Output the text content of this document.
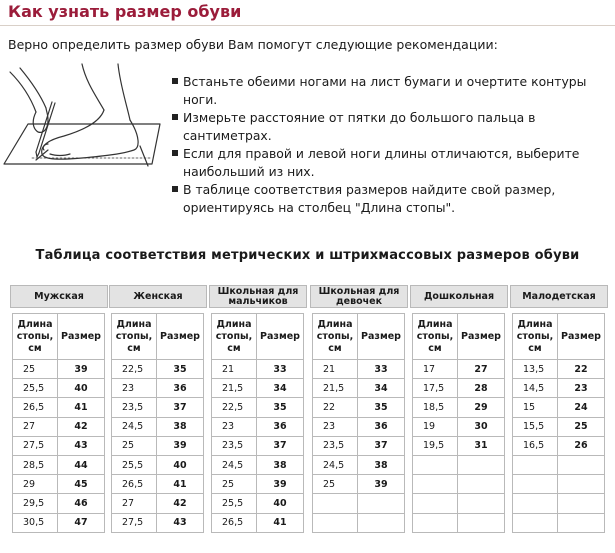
Как узнать размер обуви
Верно определить размер обуви Вам помогут следующие рекомендации:
Встаньте обеими ногами на лист бумаги и очертите контуры ноги.
Измерьте расстояние от пятки до большого пальца в сантиметрах.
Если для правой и левой ноги длины отличаются, выберите наибольший из них.
В таблице соответствия размеров найдите свой размер, ориентируясь на столбец "Длина стопы".
Таблица соответствия метрических и штрихмассовых размеров обуви
Мужская
Длина стопы, см	Размер
25	39
25,5	40
26,5	41
27	42
27,5	43
28,5	44
29	45
29,5	46
30,5	47
Женская
Длина стопы, см	Размер
22,5	35
23	36
23,5	37
24,5	38
25	39
25,5	40
26,5	41
27	42
27,5	43
Школьная для мальчиков
Длина стопы, см	Размер
21	33
21,5	34
22,5	35
23	36
23,5	37
24,5	38
25	39
25,5	40
26,5	41
Школьная для девочек
Длина стопы, см	Размер
21	33
21,5	34
22	35
23	36
23,5	37
24,5	38
25	39

Дошкольная
Длина стопы, см	Размер
17	27
17,5	28
18,5	29
19	30
19,5	31

Малодетская
Длина стопы, см	Размер
13,5	22
14,5	23
15	24
15,5	25
16,5	26
